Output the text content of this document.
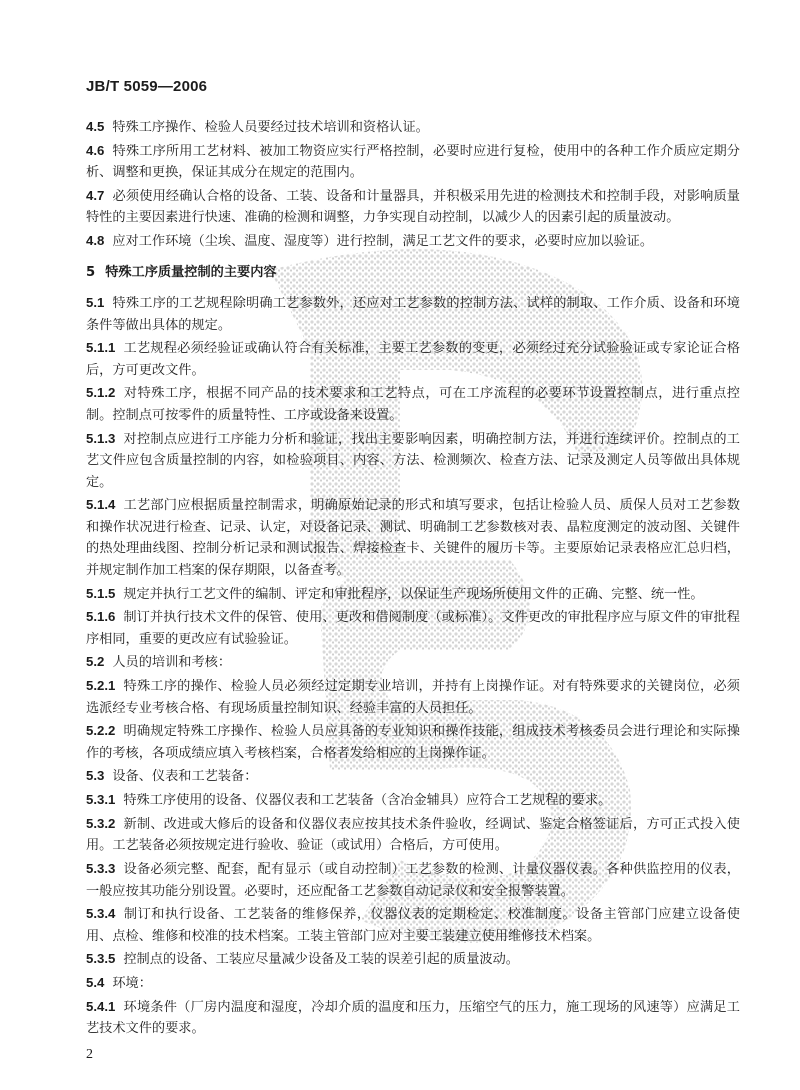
JB/T 5059—2006
4.5 特殊工序操作、检验人员要经过技术培训和资格认证。
4.6 特殊工序所用工艺材料、被加工物资应实行严格控制，必要时应进行复检，使用中的各种工作介质应定期分析、调整和更换，保证其成分在规定的范围内。
4.7 必须使用经确认合格的设备、工装、设备和计量器具，并积极采用先进的检测技术和控制手段，对影响质量特性的主要因素进行快速、准确的检测和调整，力争实现自动控制，以减少人的因素引起的质量波动。
4.8 应对工作环境（尘埃、温度、湿度等）进行控制，满足工艺文件的要求，必要时应加以验证。
5 特殊工序质量控制的主要内容
5.1 特殊工序的工艺规程除明确工艺参数外，还应对工艺参数的控制方法、试样的制取、工作介质、设备和环境条件等做出具体的规定。
5.1.1 工艺规程必须经验证或确认符合有关标准，主要工艺参数的变更，必须经过充分试验验证或专家论证合格后，方可更改文件。
5.1.2 对特殊工序，根据不同产品的技术要求和工艺特点，可在工序流程的必要环节设置控制点，进行重点控制。控制点可按零件的质量特性、工序或设备来设置。
5.1.3 对控制点应进行工序能力分析和验证，找出主要影响因素，明确控制方法，并进行连续评价。控制点的工艺文件应包含质量控制的内容，如检验项目、内容、方法、检测频次、检查方法、记录及测定人员等做出具体规定。
5.1.4 工艺部门应根据质量控制需求，明确原始记录的形式和填写要求，包括让检验人员、质保人员对工艺参数和操作状况进行检查、记录、认定，对设备记录、测试、明确制工艺参数核对表、晶粒度测定的波动图、关键件的热处理曲线图、控制分析记录和测试报告、焊接检查卡、关键件的履历卡等。主要原始记录表格应汇总归档，并规定制作加工档案的保存期限，以备查考。
5.1.5 规定并执行工艺文件的编制、评定和审批程序，以保证生产现场所使用文件的正确、完整、统一性。
5.1.6 制订并执行技术文件的保管、使用、更改和借阅制度（或标准）。文件更改的审批程序应与原文件的审批程序相同，重要的更改应有试验验证。
5.2 人员的培训和考核：
5.2.1 特殊工序的操作、检验人员必须经过定期专业培训，并持有上岗操作证。对有特殊要求的关键岗位，必须选派经专业考核合格、有现场质量控制知识、经验丰富的人员担任。
5.2.2 明确规定特殊工序操作、检验人员应具备的专业知识和操作技能，组成技术考核委员会进行理论和实际操作的考核，各项成绩应填入考核档案，合格者发给相应的上岗操作证。
5.3 设备、仪表和工艺装备：
5.3.1 特殊工序使用的设备、仪器仪表和工艺装备（含冶金辅具）应符合工艺规程的要求。
5.3.2 新制、改进或大修后的设备和仪器仪表应按其技术条件验收，经调试、鉴定合格签证后，方可正式投入使用。工艺装备必须按规定进行验收、验证（或试用）合格后，方可使用。
5.3.3 设备必须完整、配套，配有显示（或自动控制）工艺参数的检测、计量仪器仪表。各种供监控用的仪表，一般应按其功能分别设置。必要时，还应配备工艺参数自动记录仪和安全报警装置。
5.3.4 制订和执行设备、工艺装备的维修保养，仪器仪表的定期检定、校准制度。设备主管部门应建立设备使用、点检、维修和校准的技术档案。工装主管部门应对主要工装建立使用维修技术档案。
5.3.5 控制点的设备、工装应尽量减少设备及工装的误差引起的质量波动。
5.4 环境：
5.4.1 环境条件（厂房内温度和湿度，冷却介质的温度和压力，压缩空气的压力，施工现场的风速等）应满足工艺技术文件的要求。
2
